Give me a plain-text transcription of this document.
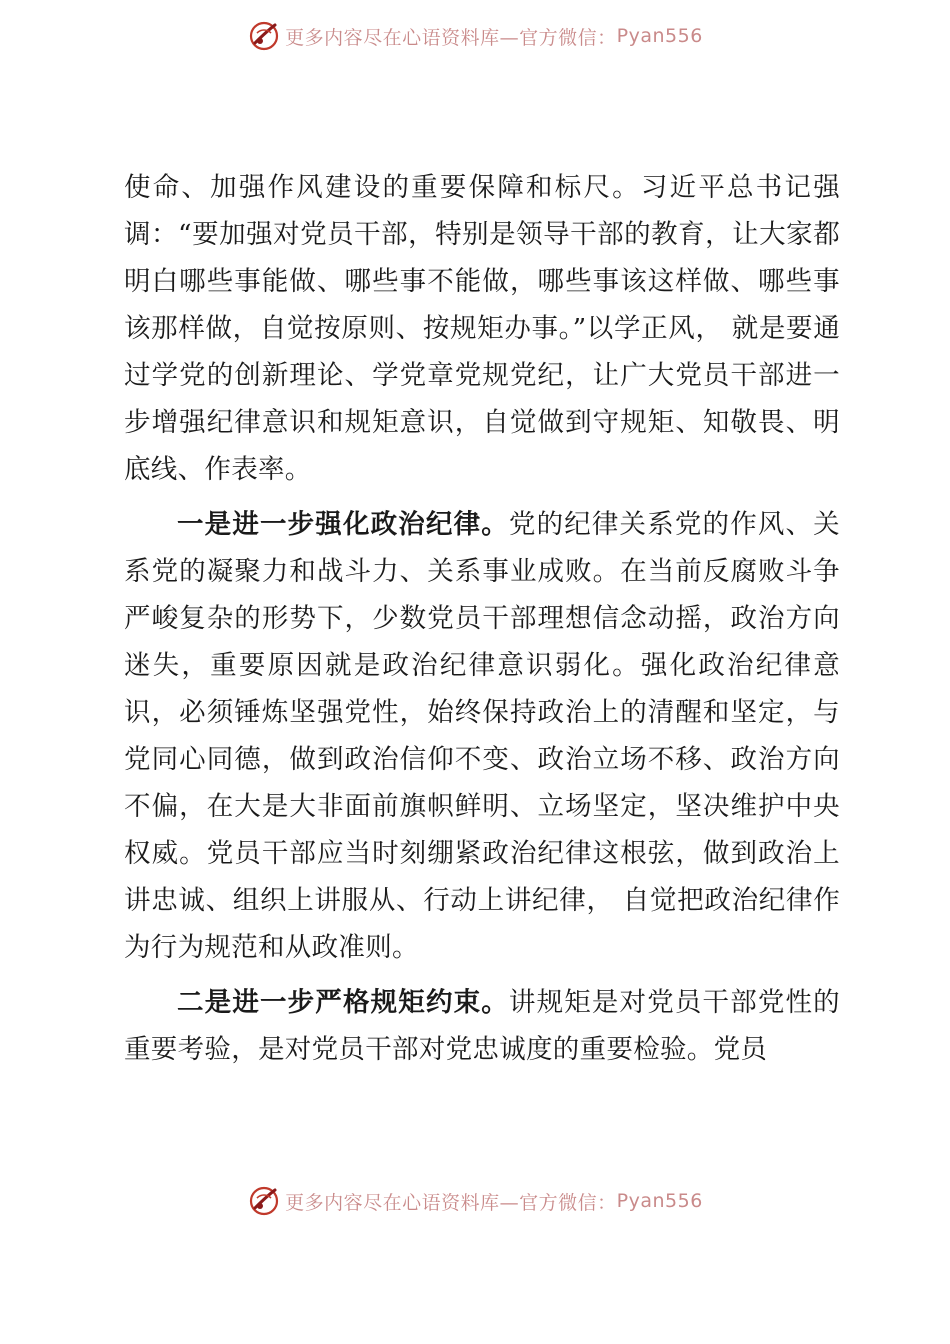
更多内容尽在心语资料库—官方微信： Pyan556

使命、加强作风建设的重要保障和标尺。习近平总书记强调：“要加强对党员干部，特别是领导干部的教育，让大家都明白哪些事能做、哪些事不能做，哪些事该这样做、哪些事该那样做，自觉按原则、按规矩办事。”以学正风， 就是要通过学党的创新理论、学党章党规党纪，让广大党员干部进一步增强纪律意识和规矩意识，自觉做到守规矩、知敬畏、明底线、作表率。

一是进一步强化政治纪律。党的纪律关系党的作风、关系党的凝聚力和战斗力、关系事业成败。在当前反腐败斗争严峻复杂的形势下，少数党员干部理想信念动摇，政治方向迷失，重要原因就是政治纪律意识弱化。强化政治纪律意识，必须锤炼坚强党性，始终保持政治上的清醒和坚定，与党同心同德，做到政治信仰不变、政治立场不移、政治方向不偏，在大是大非面前旗帜鲜明、立场坚定，坚决维护中央权威。党员干部应当时刻绷紧政治纪律这根弦，做到政治上讲忠诚、组织上讲服从、行动上讲纪律， 自觉把政治纪律作为行为规范和从政准则。

二是进一步严格规矩约束。讲规矩是对党员干部党性的重要考验，是对党员干部对党忠诚度的重要检验。党员

更多内容尽在心语资料库—官方微信： Pyan556
